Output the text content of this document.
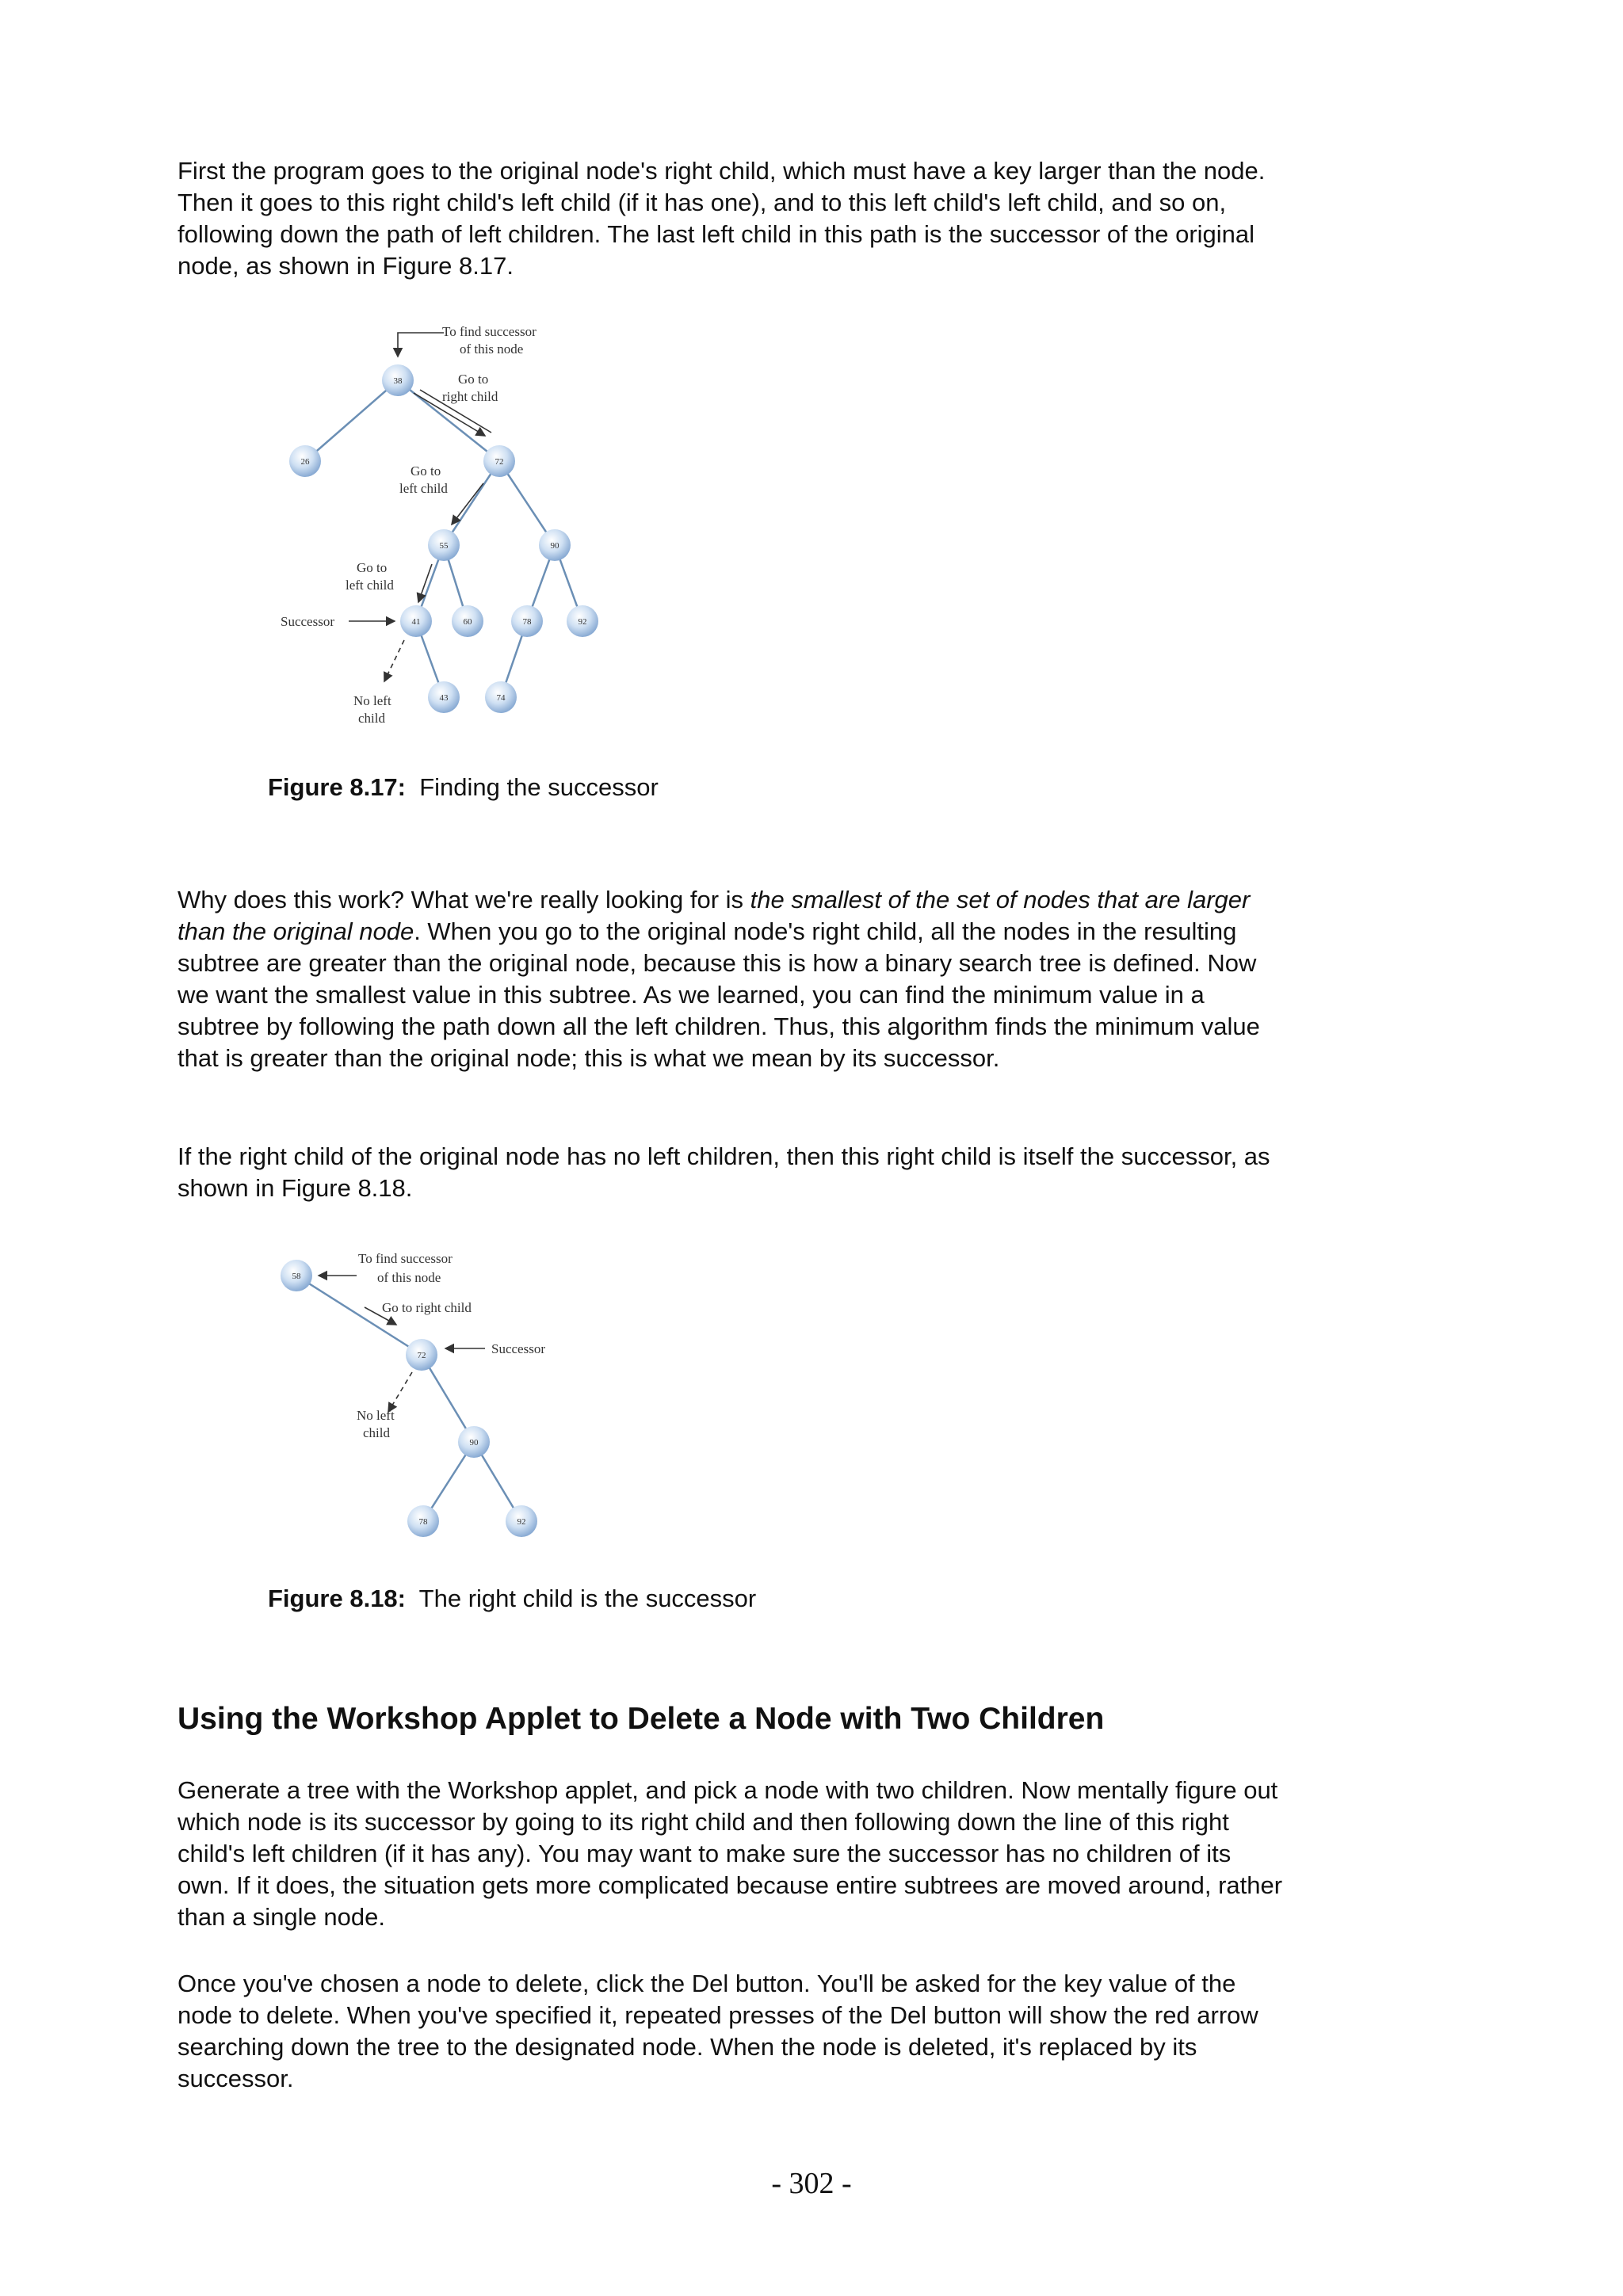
First the program goes to the original node's right child, which must have a key larger than the node. Then it goes to this right child's left child (if it has one), and to this left child's left child, and so on, following down the path of left children. The last left child in this path is the successor of the original node, as shown in Figure 8.17.

38
26	72
55	90
41	60	78	92
43	74
To find successor
of this node
Go to
right child
Go to
left child
Go to
left child
Successor
No left
child

Figure 8.17: Finding the successor

Why does this work? What we're really looking for is the smallest of the set of nodes that are larger than the original node. When you go to the original node's right child, all the nodes in the resulting subtree are greater than the original node, because this is how a binary search tree is defined. Now we want the smallest value in this subtree. As we learned, you can find the minimum value in a subtree by following the path down all the left children. Thus, this algorithm finds the minimum value that is greater than the original node; this is what we mean by its successor.

If the right child of the original node has no left children, then this right child is itself the successor, as shown in Figure 8.18.

58
72
90
78	92
To find successor
of this node
Go to right child
Successor
No left
child

Figure 8.18: The right child is the successor

Using the Workshop Applet to Delete a Node with Two Children

Generate a tree with the Workshop applet, and pick a node with two children. Now mentally figure out which node is its successor by going to its right child and then following down the line of this right child's left children (if it has any). You may want to make sure the successor has no children of its own. If it does, the situation gets more complicated because entire subtrees are moved around, rather than a single node.

Once you've chosen a node to delete, click the Del button. You'll be asked for the key value of the node to delete. When you've specified it, repeated presses of the Del button will show the red arrow searching down the tree to the designated node. When the node is deleted, it's replaced by its successor.

- 302 -
